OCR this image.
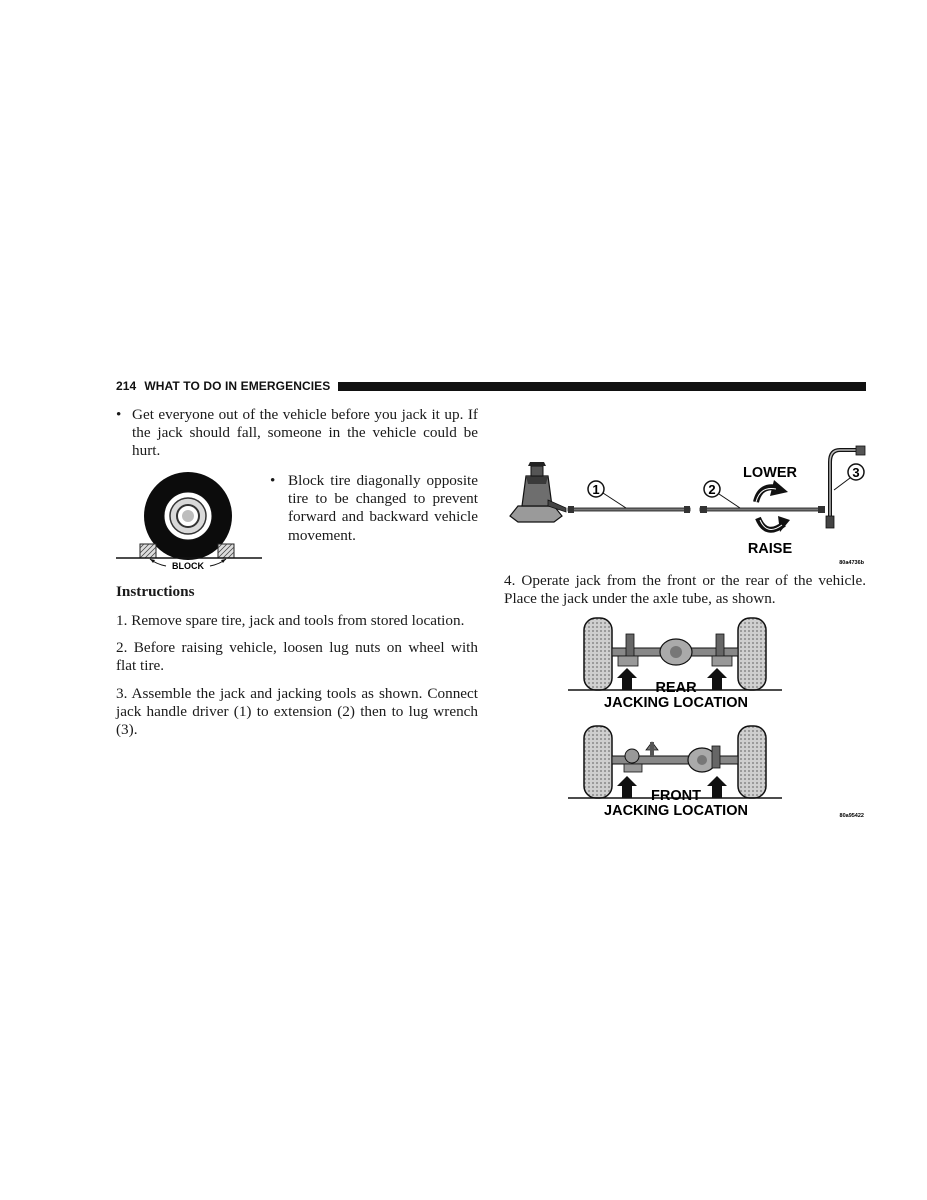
214 WHAT TO DO IN EMERGENCIES
• Get everyone out of the vehicle before you jack it up. If the jack should fall, someone in the vehicle could be hurt.
BLOCK
• Block tire diagonally opposite tire to be changed to prevent forward and backward vehicle movement.

Instructions

1. Remove spare tire, jack and tools from stored location.

2. Before raising vehicle, loosen lug nuts on wheel with flat tire.

3. Assemble the jack and jacking tools as shown. Connect jack handle driver (1) to extension (2) then to lug wrench (3).

1	2
3
LOWER
RAISE
80a4736b

4. Operate jack from the front or the rear of the vehicle. Place the jack under the axle tube, as shown.

REAR
JACKING LOCATION
FRONT
JACKING LOCATION	80a95422
